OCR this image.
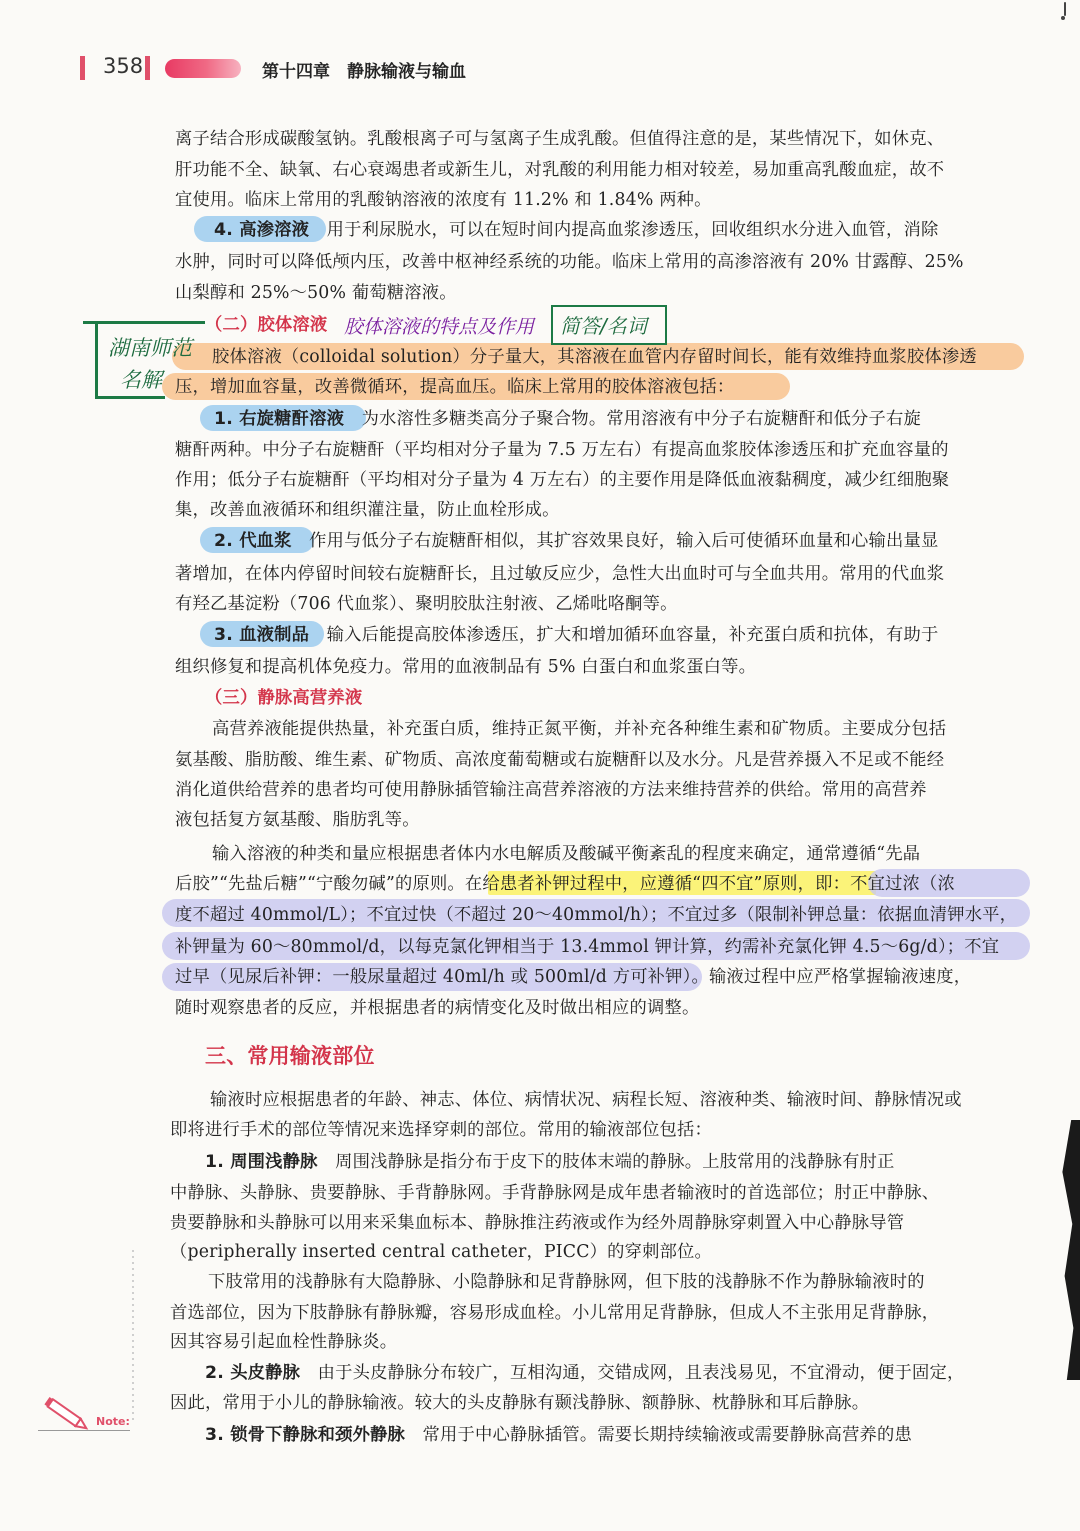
358	第十四章　静脉输液与输血
离子结合形成碳酸氢钠。乳酸根离子可与氢离子生成乳酸。但值得注意的是，某些情况下，如休克、
肝功能不全、缺氧、右心衰竭患者或新生儿，对乳酸的利用能力相对较差，易加重高乳酸血症，故不
宜使用。临床上常用的乳酸钠溶液的浓度有 11.2% 和 1.84% 两种。
4. 高渗溶液　 用于利尿脱水，可以在短时间内提高血浆渗透压，回收组织水分进入血管，消除
水肿，同时可以降低颅内压，改善中枢神经系统的功能。临床上常用的高渗溶液有 20% 甘露醇、25%
山梨醇和 25%～50% 葡萄糖溶液。
（二）胶体溶液 胶体溶液的特点及作用 简答/名词
湖南师范
名解
胶体溶液（colloidal solution）分子量大，其溶液在血管内存留时间长，能有效维持血浆胶体渗透
压，增加血容量，改善微循环，提高血压。临床上常用的胶体溶液包括：
1. 右旋糖酐溶液　 为水溶性多糖类高分子聚合物。常用溶液有中分子右旋糖酐和低分子右旋
糖酐两种。中分子右旋糖酐（平均相对分子量为 7.5 万左右）有提高血浆胶体渗透压和扩充血容量的
作用；低分子右旋糖酐（平均相对分子量为 4 万左右）的主要作用是降低血液黏稠度，减少红细胞聚
集，改善血液循环和组织灌注量，防止血栓形成。
2. 代血浆　 作用与低分子右旋糖酐相似，其扩容效果良好，输入后可使循环血量和心输出量显
著增加，在体内停留时间较右旋糖酐长，且过敏反应少，急性大出血时可与全血共用。常用的代血浆
有羟乙基淀粉（706 代血浆）、聚明胶肽注射液、乙烯吡咯酮等。
3. 血液制品　 输入后能提高胶体渗透压，扩大和增加循环血容量，补充蛋白质和抗体，有助于
组织修复和提高机体免疫力。常用的血液制品有 5% 白蛋白和血浆蛋白等。
（三）静脉高营养液
高营养液能提供热量，补充蛋白质，维持正氮平衡，并补充各种维生素和矿物质。主要成分包括
氨基酸、脂肪酸、维生素、矿物质、高浓度葡萄糖或右旋糖酐以及水分。凡是营养摄入不足或不能经
消化道供给营养的患者均可使用静脉插管输注高营养溶液的方法来维持营养的供给。常用的高营养
液包括复方氨基酸、脂肪乳等。
输入溶液的种类和量应根据患者体内水电解质及酸碱平衡紊乱的程度来确定，通常遵循“先晶
后胶”“先盐后糖”“宁酸勿碱”的原则。在给患者补钾过程中，应遵循“四不宜”原则，即：不宜过浓（浓
度不超过 40mmol/L）；不宜过快（不超过 20～40mmol/h）；不宜过多（限制补钾总量：依据血清钾水平，
补钾量为 60～80mmol/d，以每克氯化钾相当于 13.4mmol 钾计算，约需补充氯化钾 4.5～6g/d）；不宜
过早（见尿后补钾：一般尿量超过 40ml/h 或 500ml/d 方可补钾）。输液过程中应严格掌握输液速度，
随时观察患者的反应，并根据患者的病情变化及时做出相应的调整。
三、常用输液部位
输液时应根据患者的年龄、神志、体位、病情状况、病程长短、溶液种类、输液时间、静脉情况或
即将进行手术的部位等情况来选择穿刺的部位。常用的输液部位包括：
1. 周围浅静脉　 周围浅静脉是指分布于皮下的肢体末端的静脉。上肢常用的浅静脉有肘正
中静脉、头静脉、贵要静脉、手背静脉网。手背静脉网是成年患者输液时的首选部位；肘正中静脉、
贵要静脉和头静脉可以用来采集血标本、静脉推注药液或作为经外周静脉穿刺置入中心静脉导管
（peripherally inserted central catheter，PICC）的穿刺部位。
下肢常用的浅静脉有大隐静脉、小隐静脉和足背静脉网，但下肢的浅静脉不作为静脉输液时的
首选部位，因为下肢静脉有静脉瓣，容易形成血栓。小儿常用足背静脉，但成人不主张用足背静脉，
因其容易引起血栓性静脉炎。
2. 头皮静脉　 由于头皮静脉分布较广，互相沟通，交错成网，且表浅易见，不宜滑动，便于固定，
因此，常用于小儿的静脉输液。较大的头皮静脉有颞浅静脉、额静脉、枕静脉和耳后静脉。
3. 锁骨下静脉和颈外静脉　 常用于中心静脉插管。需要长期持续输液或需要静脉高营养的患
Note:
